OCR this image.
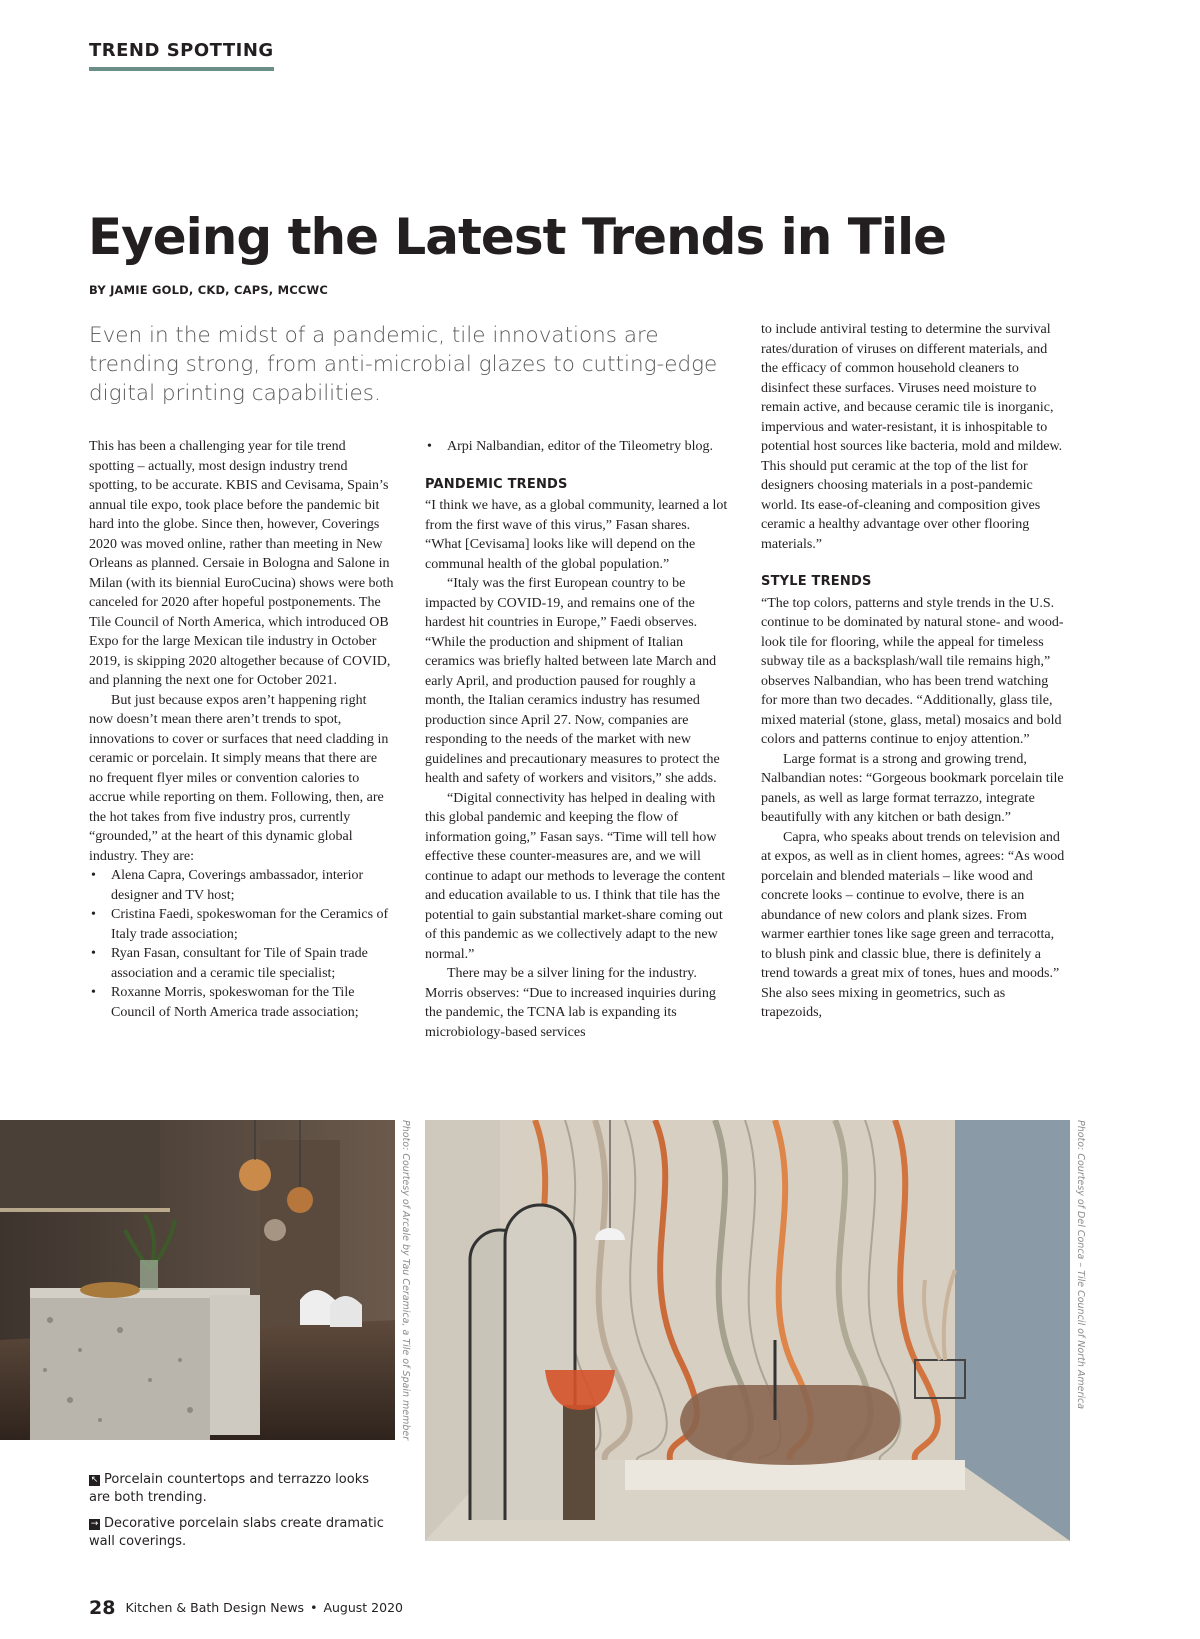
TREND SPOTTING
Eyeing the Latest Trends in Tile
BY JAMIE GOLD, CKD, CAPS, MCCWC

Even in the midst of a pandemic, tile innovations are trending strong, from anti-microbial glazes to cutting-edge digital printing capabilities.

This has been a challenging year for tile trend spotting – actually, most design industry trend spotting, to be accurate. KBIS and Cevisama, Spain’s annual tile expo, took place before the pandemic bit hard into the globe. Since then, however, Coverings 2020 was moved online, rather than meeting in New Orleans as planned. Cersaie in Bologna and Salone in Milan (with its biennial EuroCucina) shows were both canceled for 2020 after hopeful postponements. The Tile Council of North America, which introduced OB Expo for the large Mexican tile industry in October 2019, is skipping 2020 altogether because of COVID, and planning the next one for October 2021.

But just because expos aren’t happening right now doesn’t mean there aren’t trends to spot, innovations to cover or surfaces that need cladding in ceramic or porcelain. It simply means that there are no frequent flyer miles or convention calories to accrue while reporting on them. Following, then, are the hot takes from five industry pros, currently “grounded,” at the heart of this dynamic global industry. They are:

• Alena Capra, Coverings ambassador, interior designer and TV host;
• Cristina Faedi, spokeswoman for the Ceramics of Italy trade association;
• Ryan Fasan, consultant for Tile of Spain trade association and a ceramic tile specialist;
• Roxanne Morris, spokeswoman for the Tile Council of North America trade association;
• Arpi Nalbandian, editor of the Tileometry blog.
PANDEMIC TRENDS

“I think we have, as a global community, learned a lot from the first wave of this virus,” Fasan shares. “What [Cevisama] looks like will depend on the communal health of the global population.”

“Italy was the first European country to be impacted by COVID-19, and remains one of the hardest hit countries in Europe,” Faedi observes. “While the production and shipment of Italian ceramics was briefly halted between late March and early April, and production paused for roughly a month, the Italian ceramics industry has resumed production since April 27. Now, companies are responding to the needs of the market with new guidelines and precautionary measures to protect the health and safety of workers and visitors,” she adds.

“Digital connectivity has helped in dealing with this global pandemic and keeping the flow of information going,” Fasan says. “Time will tell how effective these counter-measures are, and we will continue to adapt our methods to leverage the content and education available to us. I think that tile has the potential to gain substantial market-share coming out of this pandemic as we collectively adapt to the new normal.”

There may be a silver lining for the industry. Morris observes: “Due to increased inquiries during the pandemic, the TCNA lab is expanding its microbiology-based services

to include antiviral testing to determine the survival rates/duration of viruses on different materials, and the efficacy of common household cleaners to disinfect these surfaces. Viruses need moisture to remain active, and because ceramic tile is inorganic, impervious and water-resistant, it is inhospitable to potential host sources like bacteria, mold and mildew. This should put ceramic at the top of the list for designers choosing materials in a post-pandemic world. Its ease-of-cleaning and composition gives ceramic a healthy advantage over other flooring materials.”

STYLE TRENDS

“The top colors, patterns and style trends in the U.S. continue to be dominated by natural stone- and wood-look tile for flooring, while the appeal for timeless subway tile as a backsplash/wall tile remains high,” observes Nalbandian, who has been trend watching for more than two decades. “Additionally, glass tile, mixed material (stone, glass, metal) mosaics and bold colors and patterns continue to enjoy attention.”

Large format is a strong and growing trend, Nalbandian notes: “Gorgeous bookmark porcelain tile panels, as well as large format terrazzo, integrate beautifully with any kitchen or bath design.”

Capra, who speaks about trends on television and at expos, as well as in client homes, agrees: “As wood porcelain and blended materials – like wood and concrete looks – continue to evolve, there is an abundance of new colors and plank sizes. From warmer earthier tones like sage green and terracotta, to blush pink and classic blue, there is definitely a trend towards a great mix of tones, hues and moods.” She also sees mixing in geometrics, such as trapezoids,

Photo: Courtesy of Arcale by Tau Ceramica, a Tile of Spain member	Photo: Courtesy of Del Conca – Tile Council of North America
↖ Porcelain countertops and terrazzo looks are both trending.
→ Decorative porcelain slabs create dramatic wall coverings.
28 Kitchen & Bath Design News • August 2020
